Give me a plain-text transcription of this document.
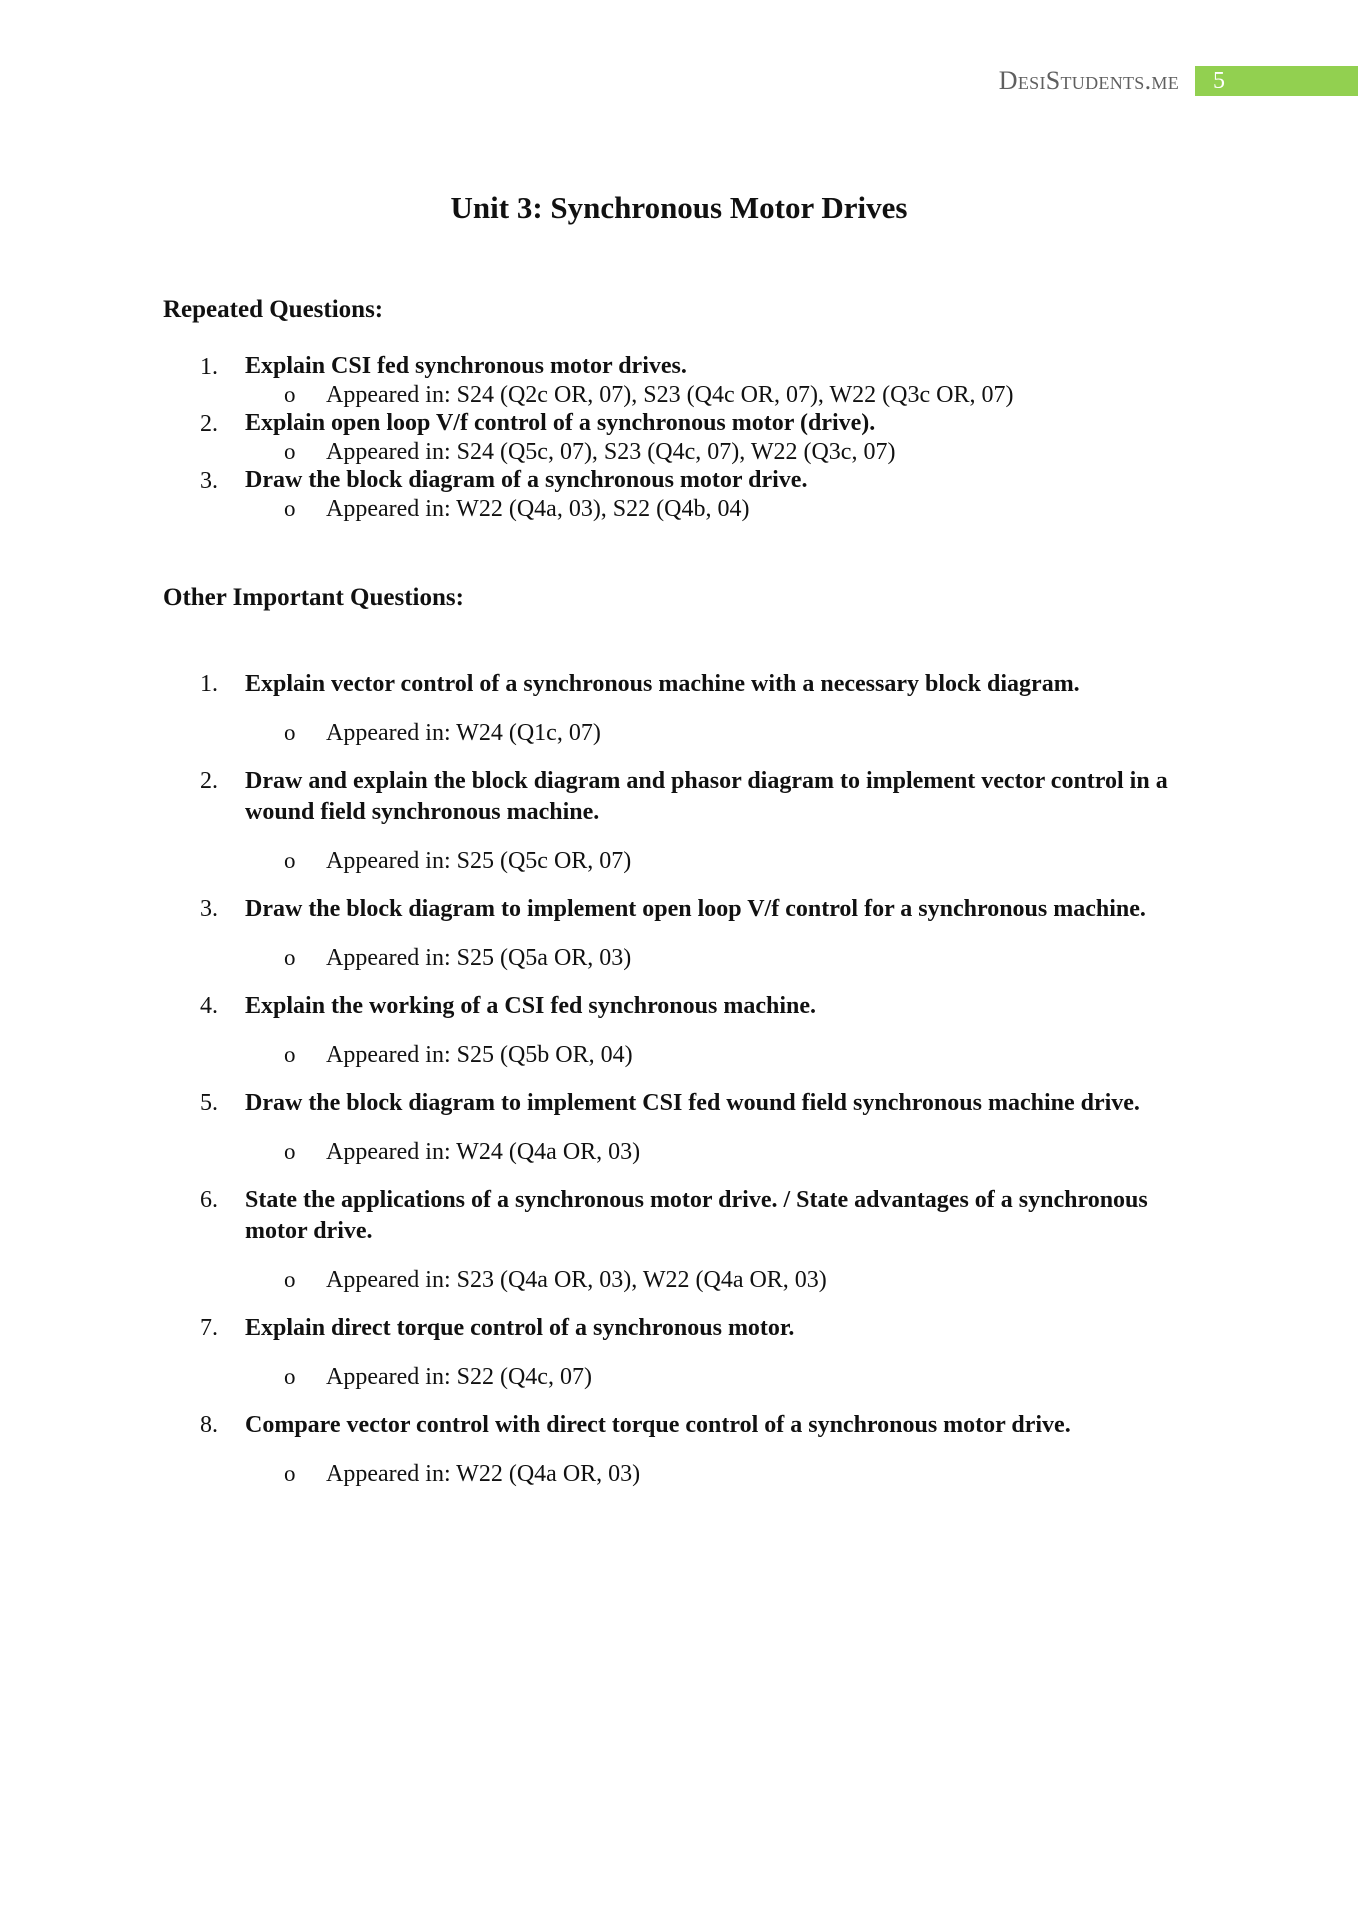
DesiStudents.me	5
Unit 3: Synchronous Motor Drives
Repeated Questions:
1. Explain CSI fed synchronous motor drives.
o Appeared in: S24 (Q2c OR, 07), S23 (Q4c OR, 07), W22 (Q3c OR, 07)
2. Explain open loop V/f control of a synchronous motor (drive).
o Appeared in: S24 (Q5c, 07), S23 (Q4c, 07), W22 (Q3c, 07)
3. Draw the block diagram of a synchronous motor drive.
o Appeared in: W22 (Q4a, 03), S22 (Q4b, 04)
Other Important Questions:
1. Explain vector control of a synchronous machine with a necessary block diagram.
o Appeared in: W24 (Q1c, 07)
2. Draw and explain the block diagram and phasor diagram to implement vector control in a wound field synchronous machine.
o Appeared in: S25 (Q5c OR, 07)
3. Draw the block diagram to implement open loop V/f control for a synchronous machine.
o Appeared in: S25 (Q5a OR, 03)
4. Explain the working of a CSI fed synchronous machine.
o Appeared in: S25 (Q5b OR, 04)
5. Draw the block diagram to implement CSI fed wound field synchronous machine drive.
o Appeared in: W24 (Q4a OR, 03)
6. State the applications of a synchronous motor drive. / State advantages of a synchronous motor drive.
o Appeared in: S23 (Q4a OR, 03), W22 (Q4a OR, 03)
7. Explain direct torque control of a synchronous motor.
o Appeared in: S22 (Q4c, 07)
8. Compare vector control with direct torque control of a synchronous motor drive.
o Appeared in: W22 (Q4a OR, 03)
